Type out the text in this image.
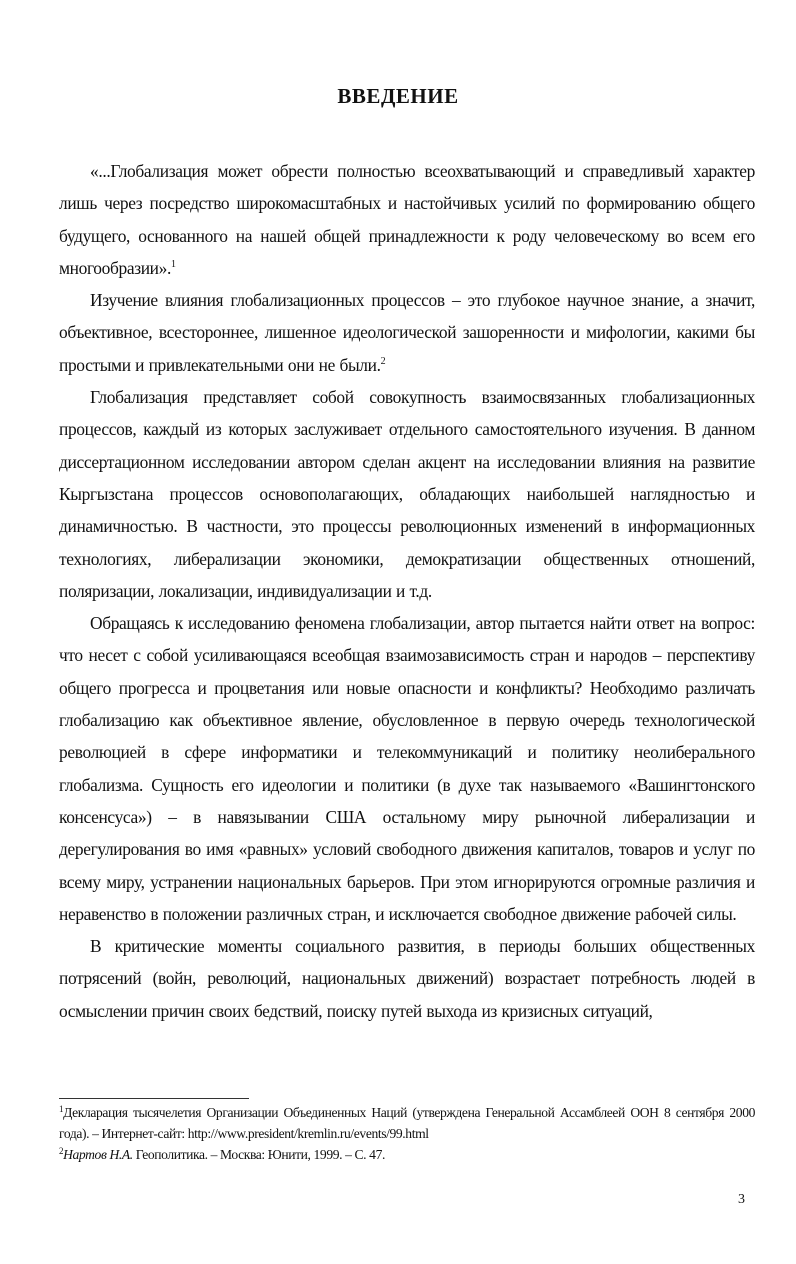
ВВЕДЕНИЕ

«...Глобализация может обрести полностью всеохватывающий и справедливый характер лишь через посредство широкомасштабных и настойчивых усилий по формированию общего будущего, основанного на нашей общей принадлежности к роду человеческому во всем его многообразии».$^1$

Изучение влияния глобализационных процессов – это глубокое научное знание, а значит, объективное, всестороннее, лишенное идеологической зашоренности и мифологии, какими бы простыми и привлекательными они не были.$^2$

Глобализация представляет собой совокупность взаимосвязанных глобализационных процессов, каждый из которых заслуживает отдельного самостоятельного изучения. В данном диссертационном исследовании автором сделан акцент на исследовании влияния на развитие Кыргызстана процессов основополагающих, обладающих наибольшей наглядностью и динамичностью. В частности, это процессы революционных изменений в информационных технологиях, либерализации экономики, демократизации общественных отношений, поляризации, локализации, индивидуализации и т.д.

Обращаясь к исследованию феномена глобализации, автор пытается найти ответ на вопрос: что несет с собой усиливающаяся всеобщая взаимозависимость стран и народов – перспективу общего прогресса и процветания или новые опасности и конфликты? Необходимо различать глобализацию как объективное явление, обусловленное в первую очередь технологической революцией в сфере информатики и телекоммуникаций и политику неолиберального глобализма. Сущность его идеологии и политики (в духе так называемого «Вашингтонского консенсуса») – в навязывании США остальному миру рыночной либерализации и дерегулирования во имя «равных» условий свободного движения капиталов, товаров и услуг по всему миру, устранении национальных барьеров. При этом игнорируются огромные различия и неравенство в положении различных стран, и исключается свободное движение рабочей силы.

В критические моменты социального развития, в периоды больших общественных потрясений (войн, революций, национальных движений) возрастает потребность людей в осмыслении причин своих бедствий, поиску путей выхода из кризисных ситуаций,

$^1$Декларация тысячелетия Организации Объединенных Наций (утверждена Генеральной Ассамблеей ООН 8 сентября 2000 года). – Интернет-сайт: http://www.president/kremlin.ru/events/99.html

$^2$Нартов Н.А. Геополитика. – Москва: Юнити, 1999. – С. 47.

3
